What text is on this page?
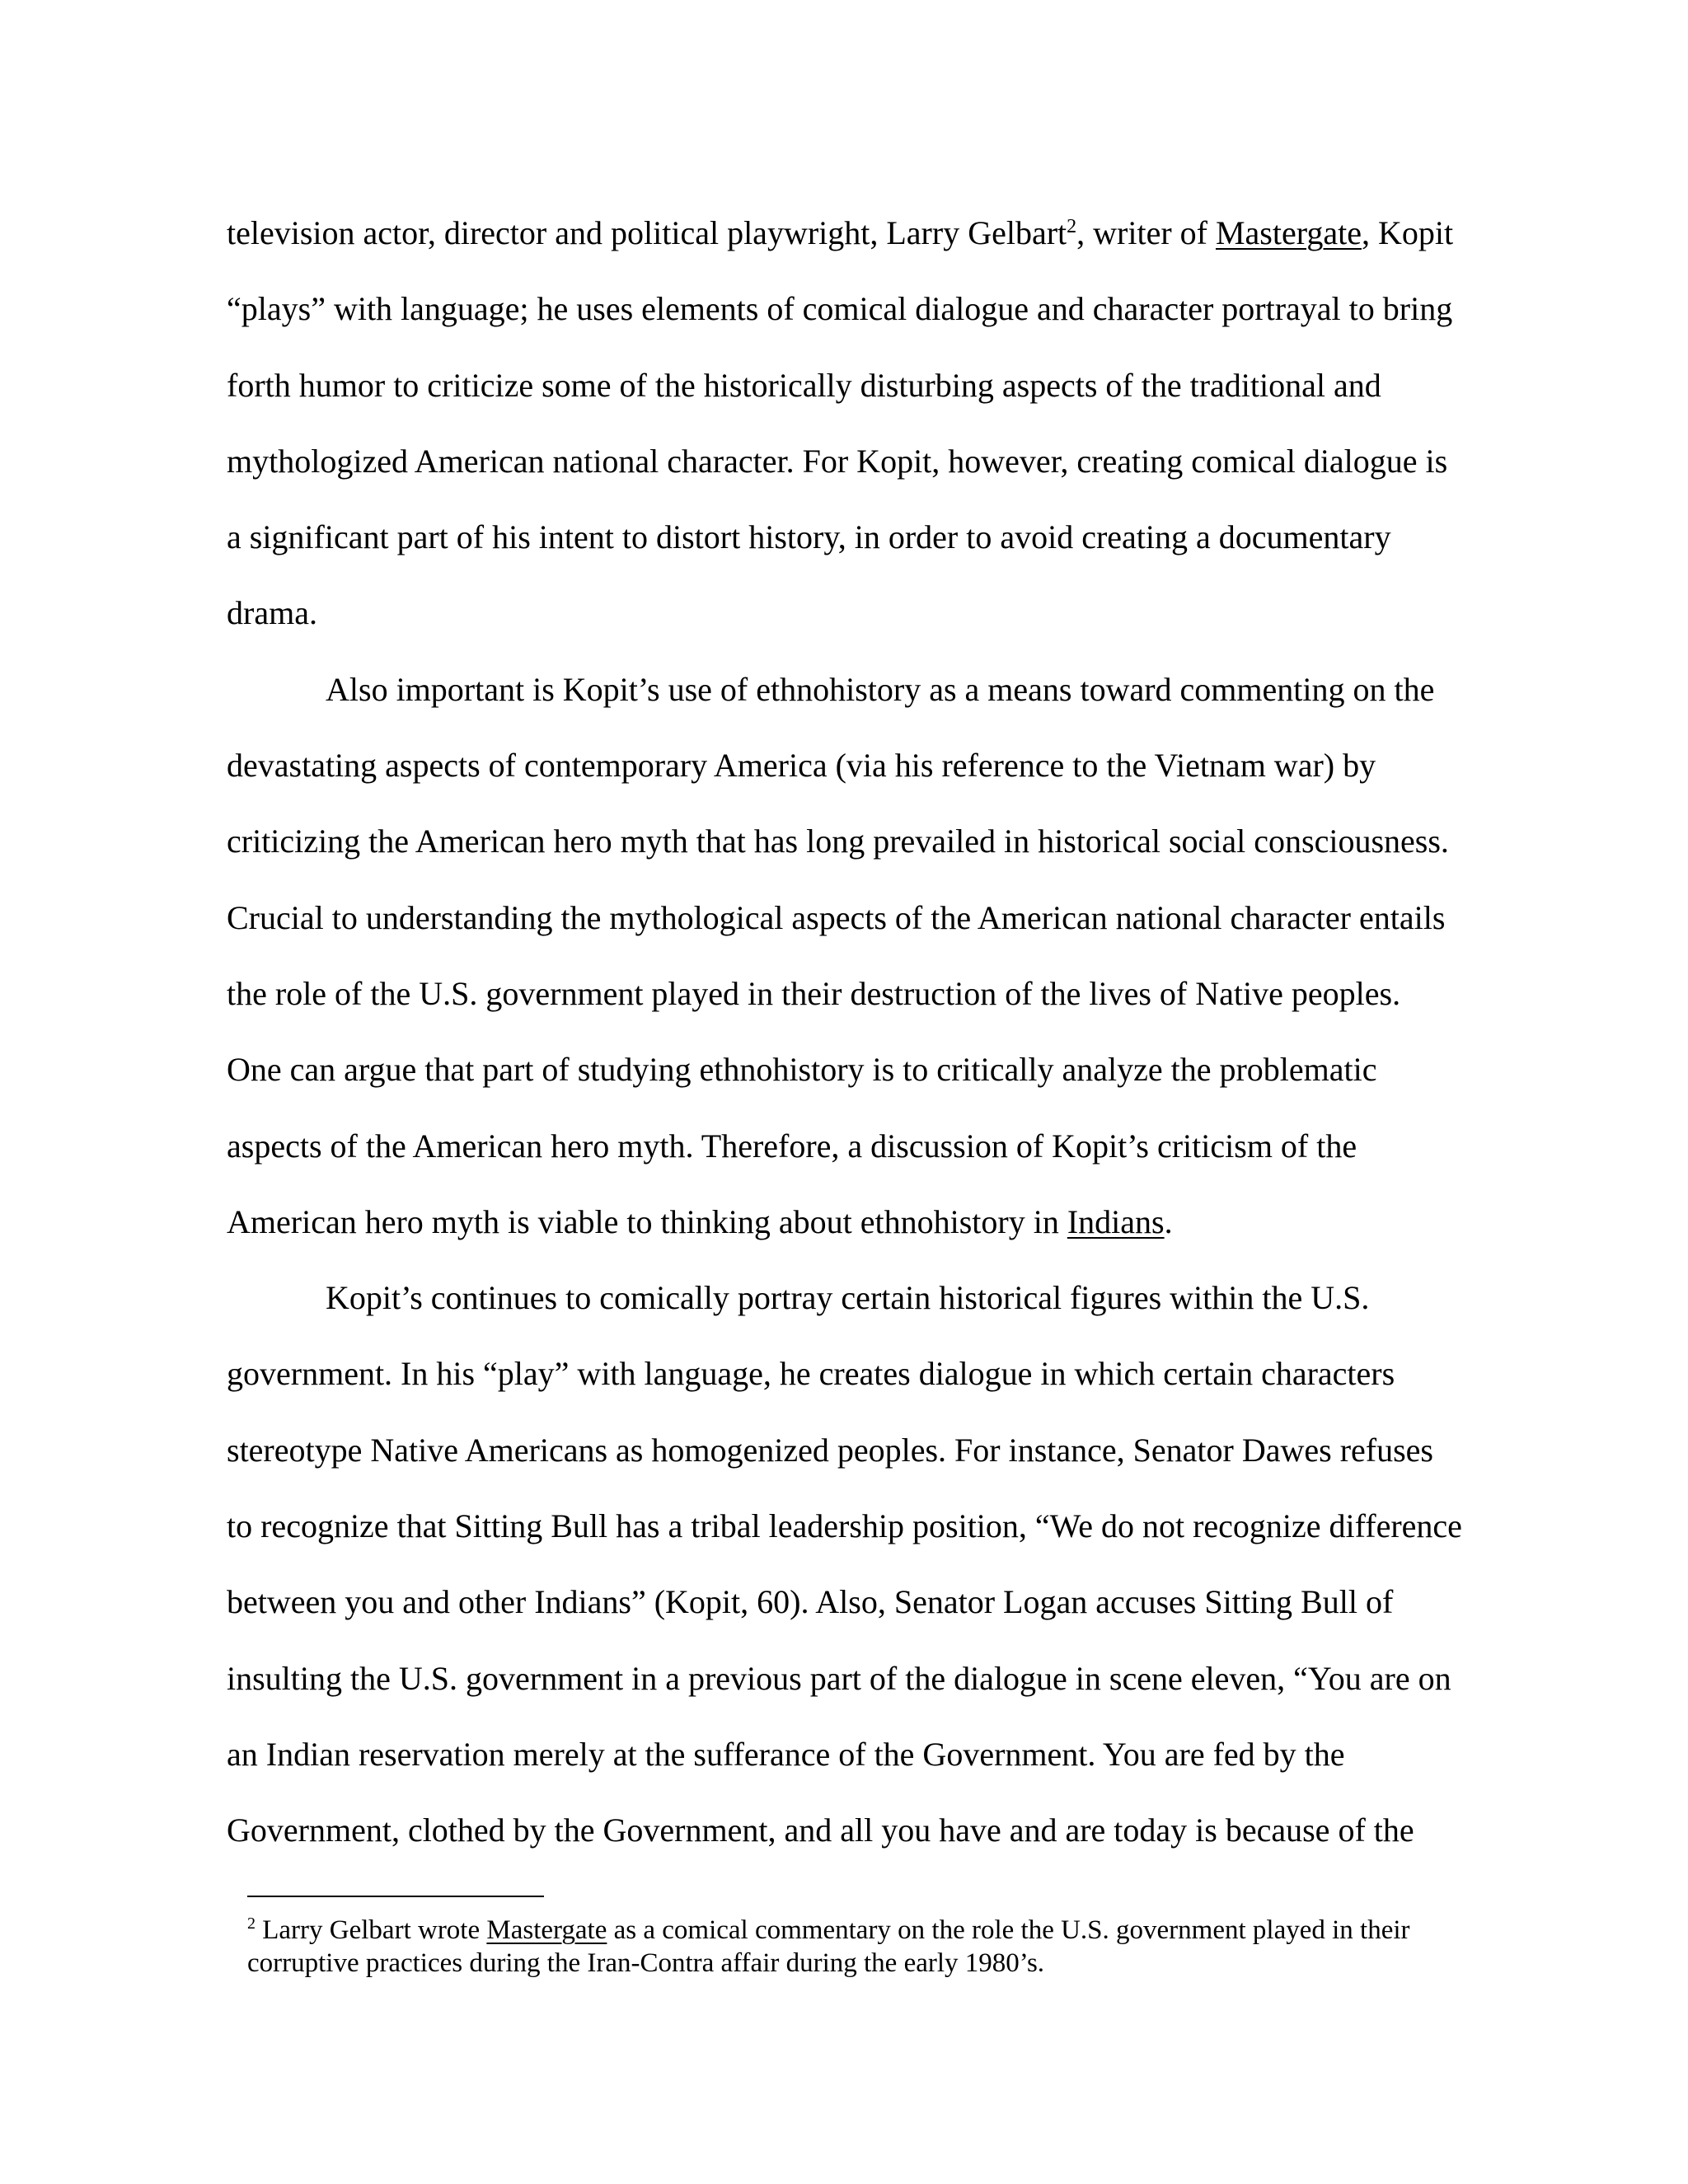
television actor, director and political playwright, Larry Gelbart$^2$, writer of Mastergate, Kopit “plays” with language; he uses elements of comical dialogue and character portrayal to bring forth humor to criticize some of the historically disturbing aspects of the traditional and mythologized American national character. For Kopit, however, creating comical dialogue is a significant part of his intent to distort history, in order to avoid creating a documentary drama.

Also important is Kopit’s use of ethnohistory as a means toward commenting on the devastating aspects of contemporary America (via his reference to the Vietnam war) by criticizing the American hero myth that has long prevailed in historical social consciousness. Crucial to understanding the mythological aspects of the American national character entails the role of the U.S. government played in their destruction of the lives of Native peoples. One can argue that part of studying ethnohistory is to critically analyze the problematic aspects of the American hero myth. Therefore, a discussion of Kopit’s criticism of the American hero myth is viable to thinking about ethnohistory in Indians.

Kopit’s continues to comically portray certain historical figures within the U.S. government. In his “play” with language, he creates dialogue in which certain characters stereotype Native Americans as homogenized peoples. For instance, Senator Dawes refuses to recognize that Sitting Bull has a tribal leadership position, “We do not recognize difference between you and other Indians” (Kopit, 60). Also, Senator Logan accuses Sitting Bull of insulting the U.S. government in a previous part of the dialogue in scene eleven, “You are on an Indian reservation merely at the sufferance of the Government. You are fed by the Government, clothed by the Government, and all you have and are today is because of the

$^2$ Larry Gelbart wrote Mastergate as a comical commentary on the role the U.S. government played in their corruptive practices during the Iran-Contra affair during the early 1980’s.
